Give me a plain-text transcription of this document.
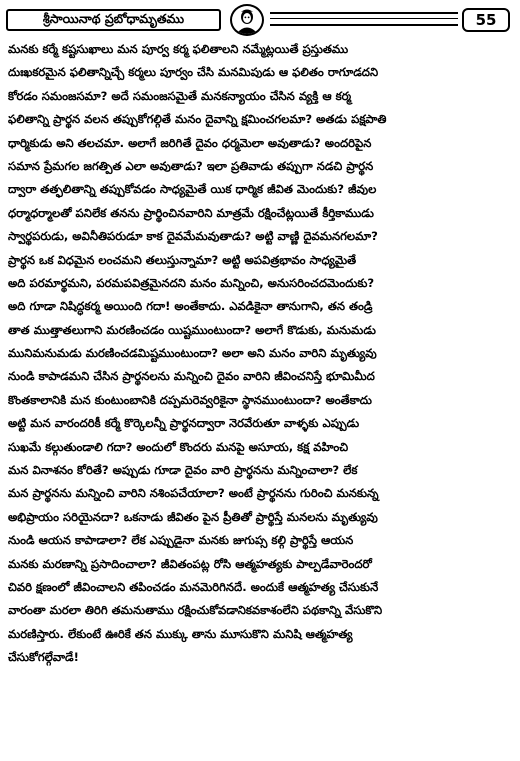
శ్రీసాయినాథ ప్రబోధామృతము	55
మనకు కర్మే కష్టసుఖాలు మన పూర్వ కర్మ ఫలితాలని నమ్మేట్లయితే ప్రస్తుతము
దుఃఖకరమైన ఫలితాన్నిచ్చే కర్మలు పూర్వం చేసి మనమిపుడు ఆ ఫలితం రాగూడదని
కోరడం సమంజసమా? అదే సమంజసమైతే మనకన్యాయం చేసిన వ్యక్తి ఆ కర్మ
ఫలితాన్ని ప్రార్థన వలన తప్పుకోగల్గితే మనం దైవాన్ని క్షమించగలమా? అతడు పక్షపాతి
ధార్మికుడు అని తలచమా. అలాగే జరిగితే దైవం ధర్మమెలా అవుతాడు? అందరిపైన
సమాన ప్రేమగల జగత్పిత ఎలా అవుతాడు? ఇలా ప్రతివాడు తప్పుగా నడచి ప్రార్థన
ద్వారా తత్ఫలితాన్ని తప్పుకోవడం సాధ్యమైతే యిక ధార్మిక జీవిత మెందుకు? జీవుల
ధర్మాధర్మాలతో పనిలేక తనను ప్రార్థించినవారిని మాత్రమే రక్షించేట్లయితే కీర్తికాముడు
స్వార్థపరుడు, అవినీతిపరుడూ కాక దైవమేమవుతాడు? అట్టి వాణ్ణి దైవమనగలమా?
ప్రార్థన ఒక విధమైన లంచమని తలుస్తున్నామా? అట్టి అపవిత్రభావం సాధ్యమైతే
అది పరమార్థమని, పరమపవిత్రమైనదని మనం మన్నించి, అనుసరించదమెందుకు?
అది గూడా నిషిద్ధకర్మ అయింది గదా! అంతేకాదు. ఎవడికైనా తానుగాని, తన తండ్రి
తాత ముత్తాతలుగాని మరణించడం యిష్టముంటుందా? అలాగే కొడుకు, మనుమడు
మునిమనుమడు మరణించడమిష్టముంటుందా? అలా అని మనం వారిని మృత్యువు
నుండి కాపాడమని చేసిన ప్రార్థనలను మన్నించి దైవం వారిని జీవించనిస్తే భూమిమీద
కొంతకాలానికి మన కుంటుంబానికి దప్పమరెవ్వరికైనా స్థానముంటుందా? అంతేకాదు
అట్టి మన వారందరికీ కర్మే కొర్కెలన్నీ ప్రార్థనద్వారా నెరవేరుతూ వాళ్ళకు ఎప్పుడు
సుఖమే కల్గుతుండాలి గదా? అందులో కొందరు మనపై అసూయ, కక్ష వహించి
మన వినాశనం కోరితే? అప్పుడు గూడా దైవం వారి ప్రార్థనను మన్నించాలా? లేక
మన ప్రార్థనను మన్నించి వారిని నశింపచేయాలా? అంటే ప్రార్థనను గురించి మనకున్న
అభిప్రాయం సరియైనదా? ఒకనాడు జీవితం పైన ప్రీతితో ప్రార్థిస్తే మనలను మృత్యువు
నుండి ఆయన కాపాడాలా? లేక ఎప్పుడైనా మనకు జుగుప్స కల్గి ప్రార్థిస్తే ఆయన
మనకు మరణాన్ని ప్రసాదించాలా? జీవితంపట్ల రోసి ఆత్మహత్యకు పాల్పడేవారెందరో
చివరి క్షణంలో జీవించాలని తపించడం మనమెరిగినదే. అందుకే ఆత్మహత్య చేసుకునే
వారంతా మరలా తిరిగి తమనుతాము రక్షించుకోవడానికవకాశంలేని పథకాన్ని వేసుకొని
మరణిస్తారు. లేకుంటే ఊరికే తన ముక్కు తాను మూసుకొని మనిషి ఆత్మహత్య
చేసుకోగల్గేవాడే!
